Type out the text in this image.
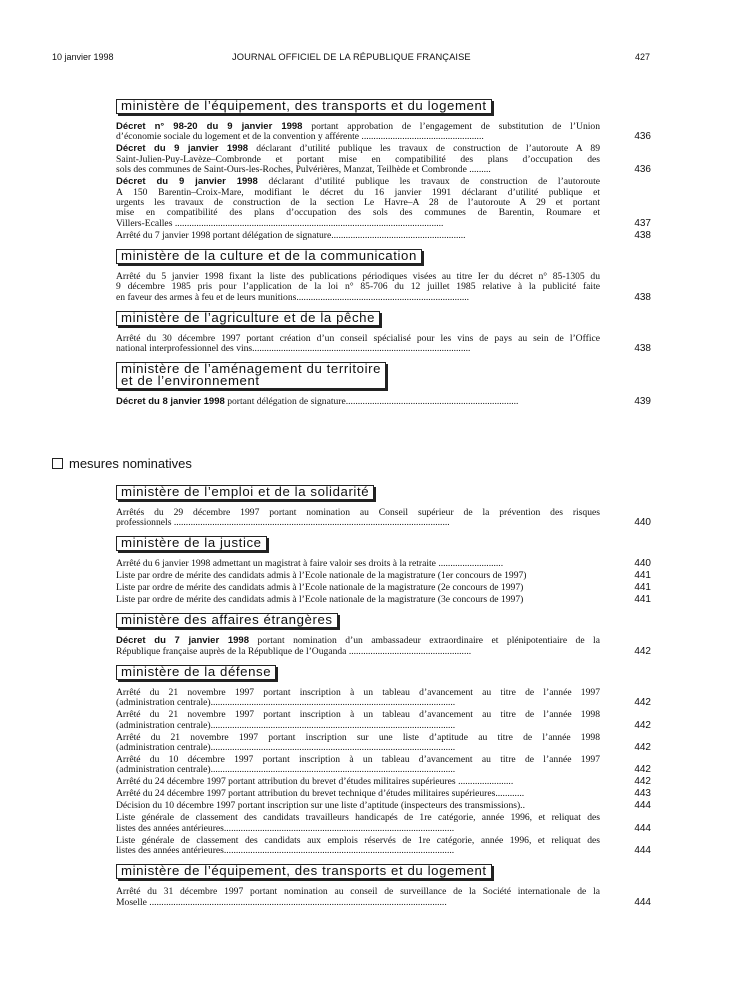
10 janvier 1998	JOURNAL OFFICIEL DE LA RÉPUBLIQUE FRANÇAISE	427
ministère de l’équipement, des transports et du logement
Décret n° 98-20 du 9 janvier 1998 portant approbation de l’engagement de substitution de l’Union
d’économie sociale du logement et de la convention y afférente ...................................................	436
Décret du 9 janvier 1998 déclarant d’utilité publique les travaux de construction de l’autoroute A 89
Saint-Julien-Puy-Lavèze–Combronde et portant mise en compatibilité des plans d’occupation des
sols des communes de Saint-Ours-les-Roches, Pulvérières, Manzat, Teilhède et Combronde .........	436
Décret du 9 janvier 1998 déclarant d’utilité publique les travaux de construction de l’autoroute
A 150 Barentin–Croix-Mare, modifiant le décret du 16 janvier 1991 déclarant d’utilité publique et
urgents les travaux de construction de la section Le Havre–A 28 de l’autoroute A 29 et portant
mise en compatibilité des plans d’occupation des sols des communes de Barentin, Roumare et
Villers-Ecalles ................................................................................................................	437
Arrêté du 7 janvier 1998 portant délégation de signature........................................................	438
ministère de la culture et de la communication
Arrêté du 5 janvier 1998 fixant la liste des publications périodiques visées au titre Ier du décret n° 85-1305 du
9 décembre 1985 pris pour l’application de la loi n° 85-706 du 12 juillet 1985 relative à la publicité faite
en faveur des armes à feu et de leurs munitions........................................................................	438
ministère de l’agriculture et de la pêche
Arrêté du 30 décembre 1997 portant création d’un conseil spécialisé pour les vins de pays au sein de l’Office
national interprofessionnel des vins...........................................................................................	438
ministère de l’aménagement du territoire
et de l’environnement
Décret du 8 janvier 1998 portant délégation de signature........................................................................	439
mesures nominatives
ministère de l’emploi et de la solidarité
Arrêtés du 29 décembre 1997 portant nomination au Conseil supérieur de la prévention des risques
professionnels ...................................................................................................................	440
ministère de la justice
Arrêté du 6 janvier 1998 admettant un magistrat à faire valoir ses droits à la retraite ...........................	440
Liste par ordre de mérite des candidats admis à l’Ecole nationale de la magistrature (1er concours de 1997)	441
Liste par ordre de mérite des candidats admis à l’Ecole nationale de la magistrature (2e concours de 1997)	441
Liste par ordre de mérite des candidats admis à l’Ecole nationale de la magistrature (3e concours de 1997)	441
ministère des affaires étrangères
Décret du 7 janvier 1998 portant nomination d’un ambassadeur extraordinaire et plénipotentiaire de la
République française auprès de la République de l’Ouganda ...................................................	442
ministère de la défense
Arrêté du 21 novembre 1997 portant inscription à un tableau d’avancement au titre de l’année 1997
(administration centrale)......................................................................................................	442
Arrêté du 21 novembre 1997 portant inscription à un tableau d’avancement au titre de l’année 1998
(administration centrale)......................................................................................................	442
Arrêté du 21 novembre 1997 portant inscription sur une liste d’aptitude au titre de l’année 1998
(administration centrale)......................................................................................................	442
Arrêté du 10 décembre 1997 portant inscription à un tableau d’avancement au titre de l’année 1997
(administration centrale)......................................................................................................	442
Arrêté du 24 décembre 1997 portant attribution du brevet d’études militaires supérieures .......................	442
Arrêté du 24 décembre 1997 portant attribution du brevet technique d’études militaires supérieures............	443
Décision du 10 décembre 1997 portant inscription sur une liste d’aptitude (inspecteurs des transmissions)..	444
Liste générale de classement des candidats travailleurs handicapés de 1re catégorie, année 1996, et reliquat des
listes des années antérieures................................................................................................	444
Liste générale de classement des candidats aux emplois réservés de 1re catégorie, année 1996, et reliquat des
listes des années antérieures................................................................................................	444
ministère de l’équipement, des transports et du logement
Arrêté du 31 décembre 1997 portant nomination au conseil de surveillance de la Société internationale de la
Moselle ............................................................................................................................	444
